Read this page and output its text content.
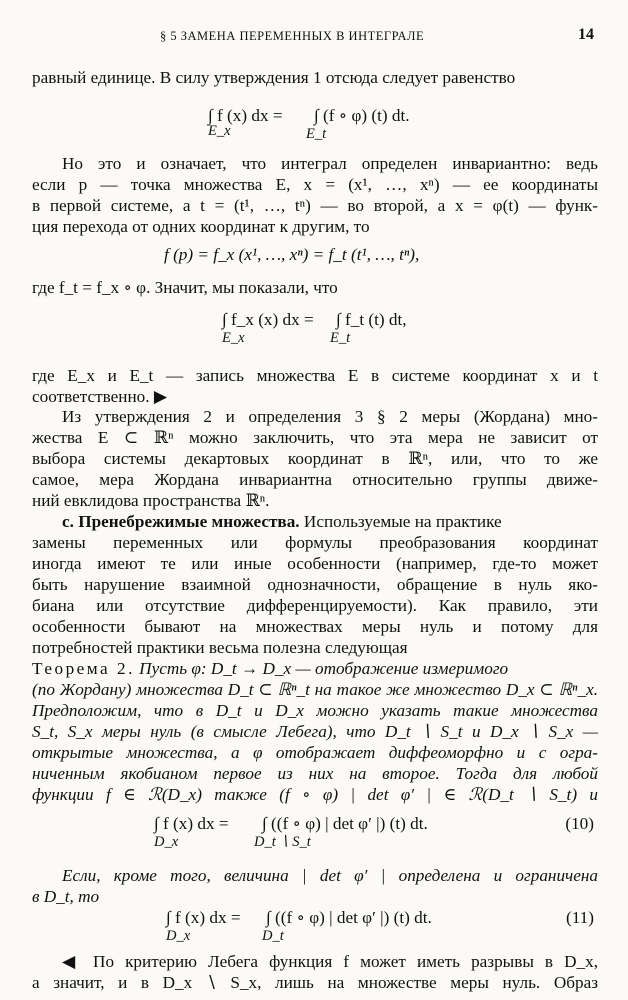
§ 5 ЗАМЕНА ПЕРЕМЕННЫХ В ИНТЕГРАЛЕ	14
равный единице. В силу утверждения 1 отсюда следует равенство
∫ f (x) dx = ∫ (f ∘ φ) (t) dt.
E_x	E_t
Но это и означает, что интеграл определен инвариантно: ведь
если p — точка множества E, x = (x¹, …, xⁿ) — ее координаты
в первой системе, а t = (t¹, …, tⁿ) — во второй, а x = φ(t) — функ-
ция перехода от одних координат к другим, то
f (p) = f_x (x¹, …, xⁿ) = f_t (t¹, …, tⁿ),
где f_t = f_x ∘ φ. Значит, мы показали, что
∫ f_x (x) dx = ∫ f_t (t) dt,
E_x	E_t
где E_x и E_t — запись множества E в системе координат x и t
соответственно. ▶
Из утверждения 2 и определения 3 § 2 меры (Жордана) мно-
жества E ⊂ ℝⁿ можно заключить, что эта мера не зависит от
выбора системы декартовых координат в ℝⁿ, или, что то же
самое, мера Жордана инвариантна относительно группы движе-
ний евклидова пространства ℝⁿ.
c. Пренебрежимые множества. Используемые на практике
замены переменных или формулы преобразования координат
иногда имеют те или иные особенности (например, где-то может
быть нарушение взаимной однозначности, обращение в нуль яко-
биана или отсутствие дифференцируемости). Как правило, эти
особенности бывают на множествах меры нуль и потому для
потребностей практики весьма полезна следующая
Теорема 2. Пусть φ: D_t → D_x — отображение измеримого
(по Жордану) множества D_t ⊂ ℝⁿ_t на такое же множество D_x ⊂ ℝⁿ_x.
Предположим, что в D_t и D_x можно указать такие множества
S_t, S_x меры нуль (в смысле Лебега), что D_t ∖ S_t и D_x ∖ S_x —
открытые множества, а φ отображает диффеоморфно и с огра-
ниченным якобианом первое из них на второе. Тогда для любой
функции f ∈ ℛ(D_x) также (f ∘ φ) | det φ′ | ∈ ℛ(D_t ∖ S_t) и
∫ f (x) dx = ∫ ((f ∘ φ) | det φ′ |) (t) dt.
D_x	D_t ∖ S_t
(10)
Если, кроме того, величина | det φ′ | определена и ограничена
в D_t, то
∫ f (x) dx = ∫ ((f ∘ φ) | det φ′ |) (t) dt.
D_x	D_t
(11)
◀ По критерию Лебега функция f может иметь разрывы в D_x,
а значит, и в D_x ∖ S_x, лишь на множестве меры нуль. Образ
